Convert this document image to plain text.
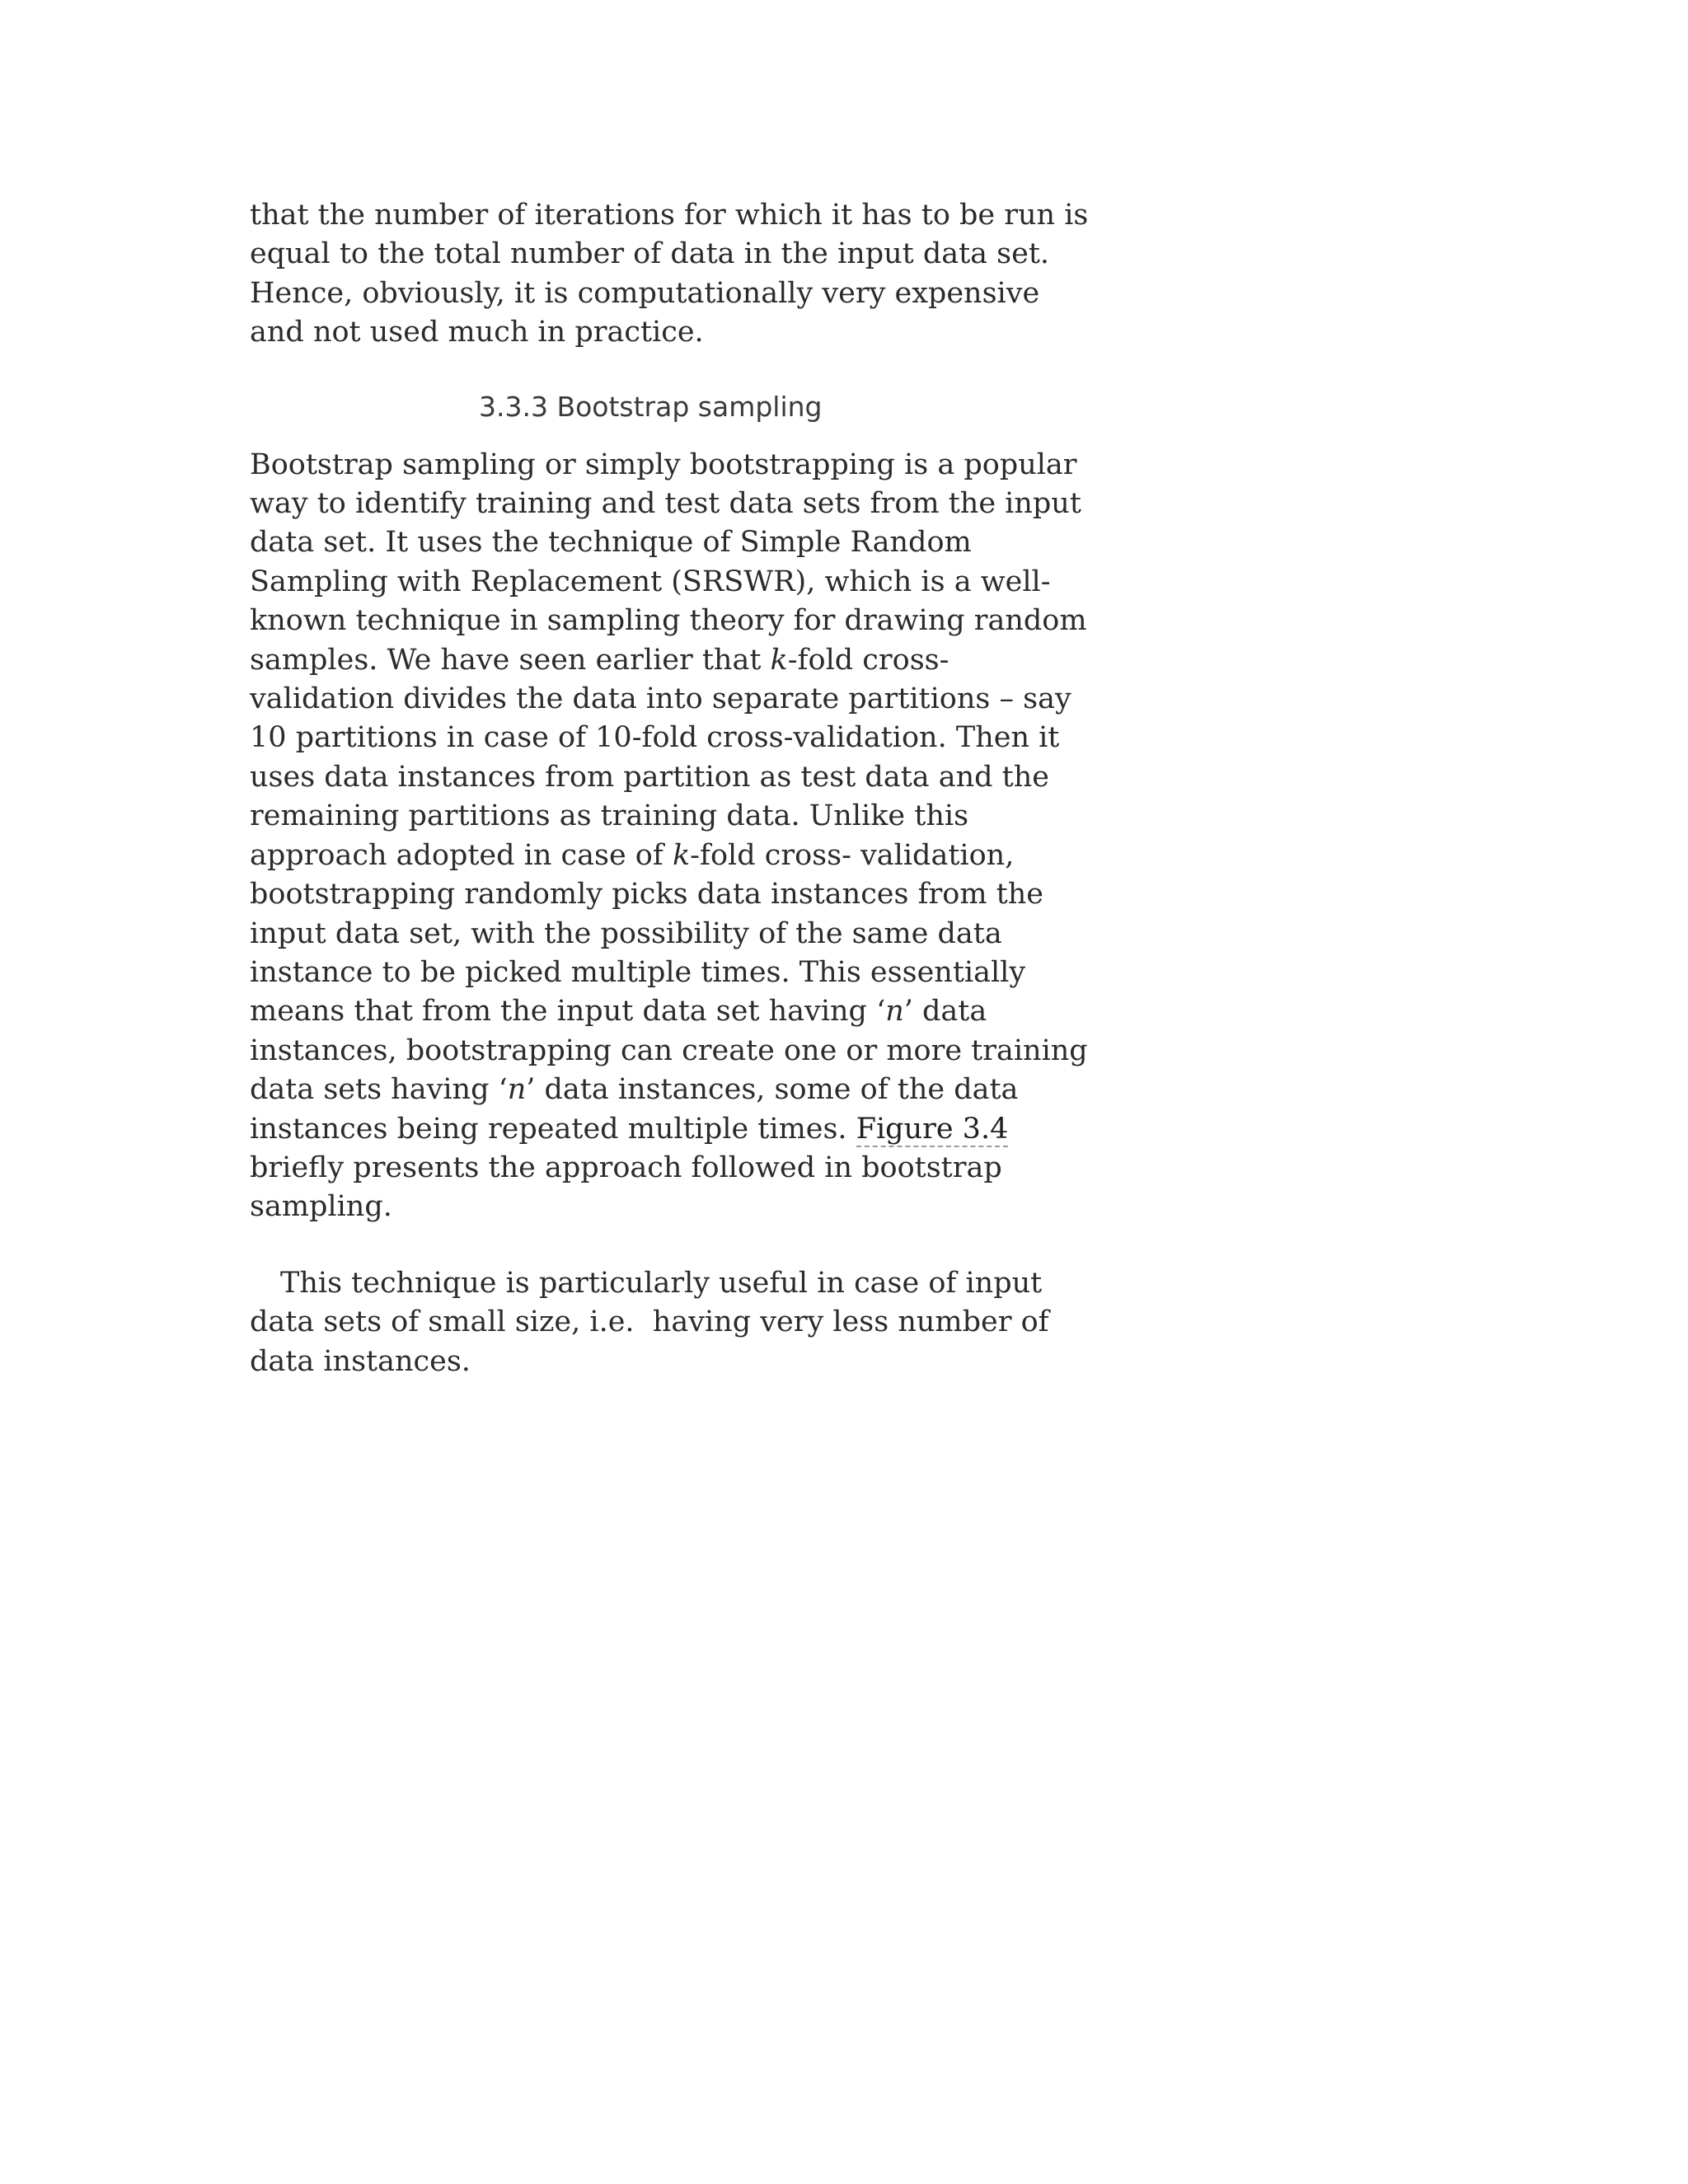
that the number of iterations for which it has to be run is
equal to the total number of data in the input data set.
Hence, obviously, it is computationally very expensive
and not used much in practice.

3.3.3 Bootstrap sampling

Bootstrap sampling or simply bootstrapping is a popular
way to identify training and test data sets from the input
data set. It uses the technique of Simple Random
Sampling with Replacement (SRSWR), which is a well-
known technique in sampling theory for drawing random
samples. We have seen earlier that k-fold cross-
validation divides the data into separate partitions – say
10 partitions in case of 10-fold cross-validation. Then it
uses data instances from partition as test data and the
remaining partitions as training data. Unlike this
approach adopted in case of k-fold cross- validation,
bootstrapping randomly picks data instances from the
input data set, with the possibility of the same data
instance to be picked multiple times. This essentially
means that from the input data set having ‘n’ data
instances, bootstrapping can create one or more training
data sets having ‘n’ data instances, some of the data
instances being repeated multiple times. Figure 3.4
briefly presents the approach followed in bootstrap
sampling.

This technique is particularly useful in case of input
data sets of small size, i.e.  having very less number of
data instances.
